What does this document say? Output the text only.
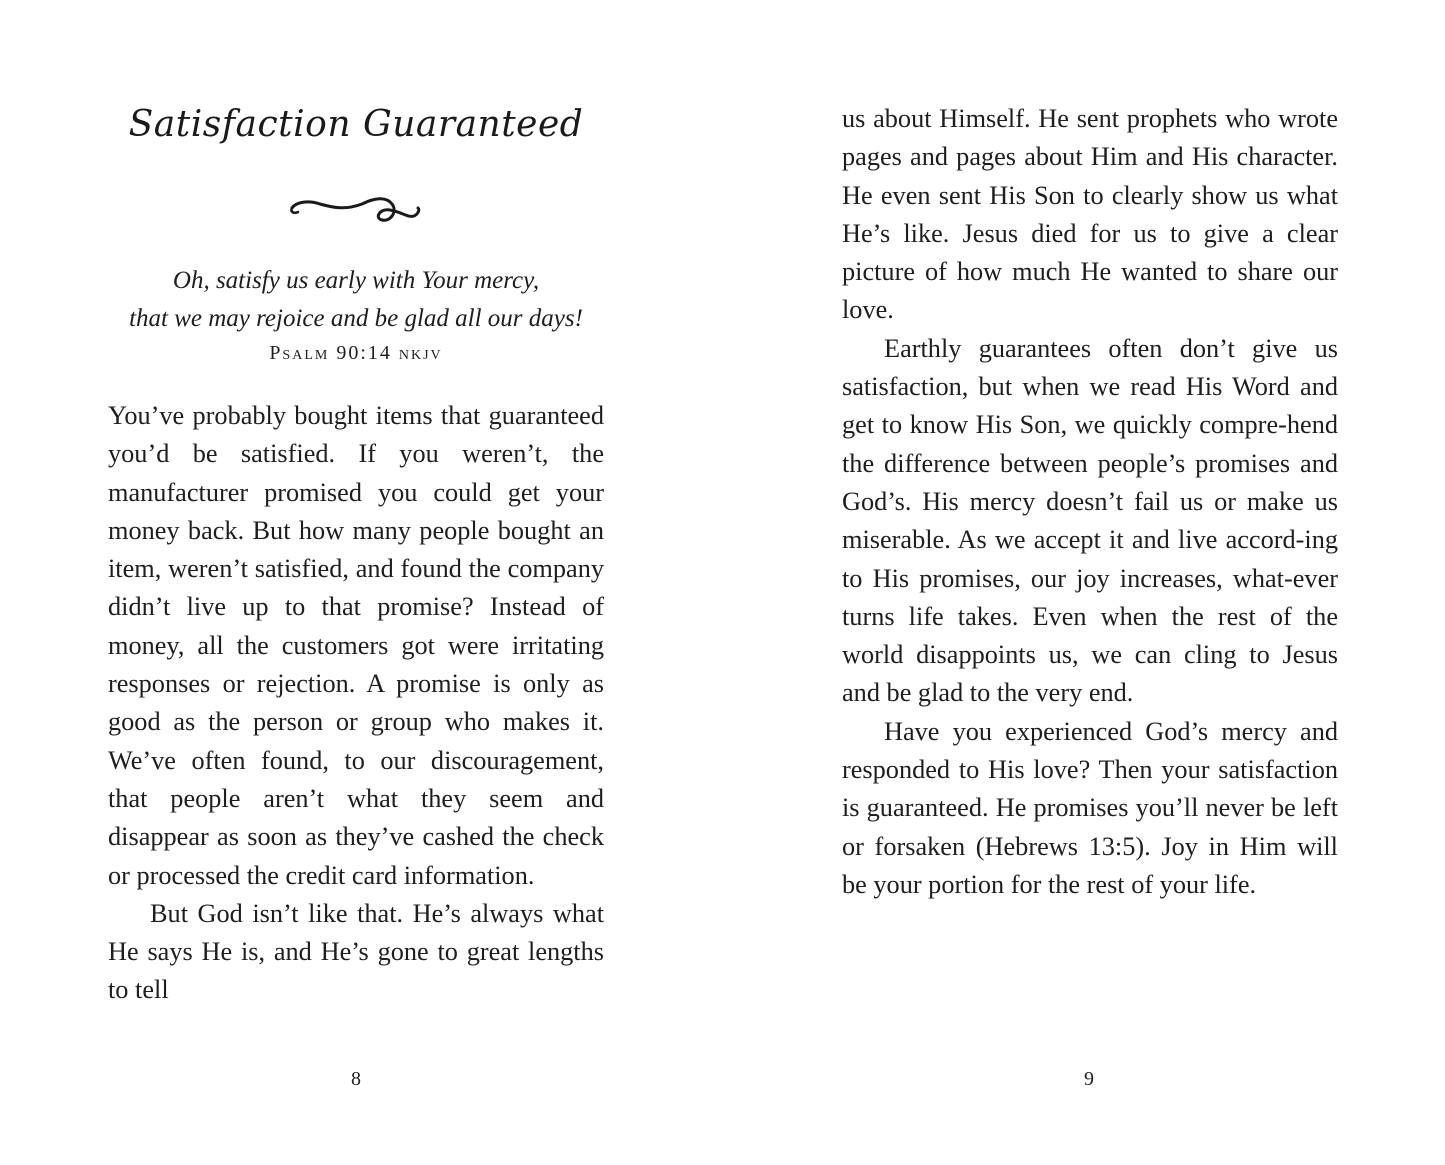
Satisfaction Guaranteed

Oh, satisfy us early with Your mercy,
that we may rejoice and be glad all our days!

Psalm 90:14 nkjv

You’ve probably bought items that guaranteed you’d be satisfied. If you weren’t, the manufacturer promised you could get your money back. But how many people bought an item, weren’t satisfied, and found the company didn’t live up to that promise? Instead of money, all the customers got were irritating responses or rejection. A promise is only as good as the person or group who makes it. We’ve often found, to our discouragement, that people aren’t what they seem and disappear as soon as they’ve cashed the check or processed the credit card information.

But God isn’t like that. He’s always what He says He is, and He’s gone to great lengths to tell

8

us about Himself. He sent prophets who wrote pages and pages about Him and His character. He even sent His Son to clearly show us what He’s like. Jesus died for us to give a clear picture of how much He wanted to share our love.

Earthly guarantees often don’t give us satisfaction, but when we read His Word and get to know His Son, we quickly compre-hend the difference between people’s promises and God’s. His mercy doesn’t fail us or make us miserable. As we accept it and live accord-ing to His promises, our joy increases, what-ever turns life takes. Even when the rest of the world disappoints us, we can cling to Jesus and be glad to the very end.

Have you experienced God’s mercy and responded to His love? Then your satisfaction is guaranteed. He promises you’ll never be left or forsaken (Hebrews 13:5). Joy in Him will be your portion for the rest of your life.

9
